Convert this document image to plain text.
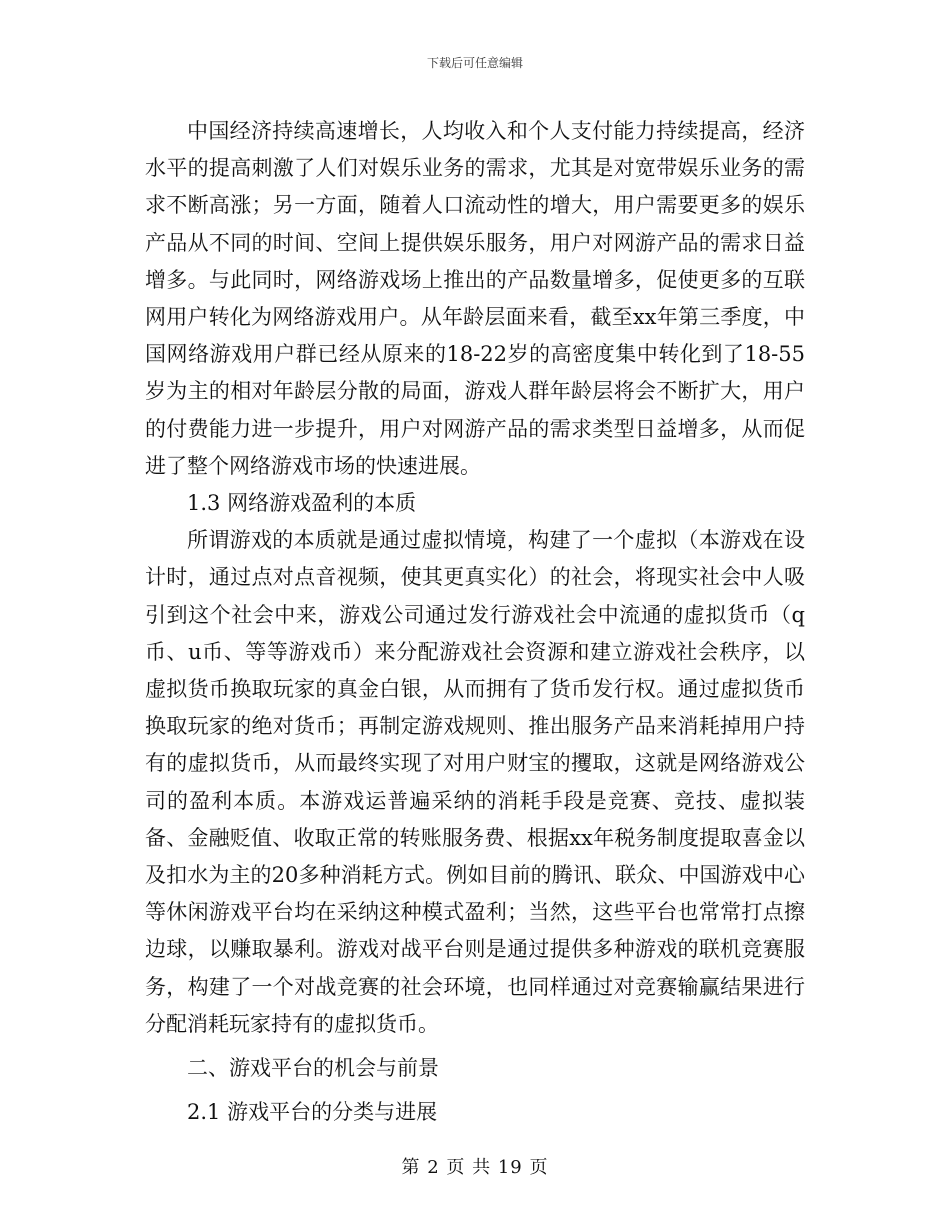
下载后可任意编辑

中国经济持续高速增长，人均收入和个人支付能力持续提高，经济水平的提高刺激了人们对娱乐业务的需求，尤其是对宽带娱乐业务的需求不断高涨；另一方面，随着人口流动性的增大，用户需要更多的娱乐产品从不同的时间、空间上提供娱乐服务，用户对网游产品的需求日益增多。与此同时，网络游戏场上推出的产品数量增多，促使更多的互联网用户转化为网络游戏用户。从年龄层面来看，截至xx年第三季度，中国网络游戏用户群已经从原来的18-22岁的高密度集中转化到了18-55岁为主的相对年龄层分散的局面，游戏人群年龄层将会不断扩大，用户的付费能力进一步提升，用户对网游产品的需求类型日益增多，从而促进了整个网络游戏市场的快速进展。

1.3 网络游戏盈利的本质

所谓游戏的本质就是通过虚拟情境，构建了一个虚拟（本游戏在设计时，通过点对点音视频，使其更真实化）的社会，将现实社会中人吸引到这个社会中来，游戏公司通过发行游戏社会中流通的虚拟货币（q币、u币、等等游戏币）来分配游戏社会资源和建立游戏社会秩序，以虚拟货币换取玩家的真金白银，从而拥有了货币发行权。通过虚拟货币换取玩家的绝对货币；再制定游戏规则、推出服务产品来消耗掉用户持有的虚拟货币，从而最终实现了对用户财宝的攫取，这就是网络游戏公司的盈利本质。本游戏运普遍采纳的消耗手段是竞赛、竞技、虚拟装备、金融贬值、收取正常的转账服务费、根据xx年税务制度提取喜金以及扣水为主的20多种消耗方式。例如目前的腾讯、联众、中国游戏中心等休闲游戏平台均在采纳这种模式盈利；当然，这些平台也常常打点擦边球，以赚取暴利。游戏对战平台则是通过提供多种游戏的联机竞赛服务，构建了一个对战竞赛的社会环境，也同样通过对竞赛输赢结果进行分配消耗玩家持有的虚拟货币。

二、游戏平台的机会与前景

2.1 游戏平台的分类与进展

第 2 页 共 19 页
